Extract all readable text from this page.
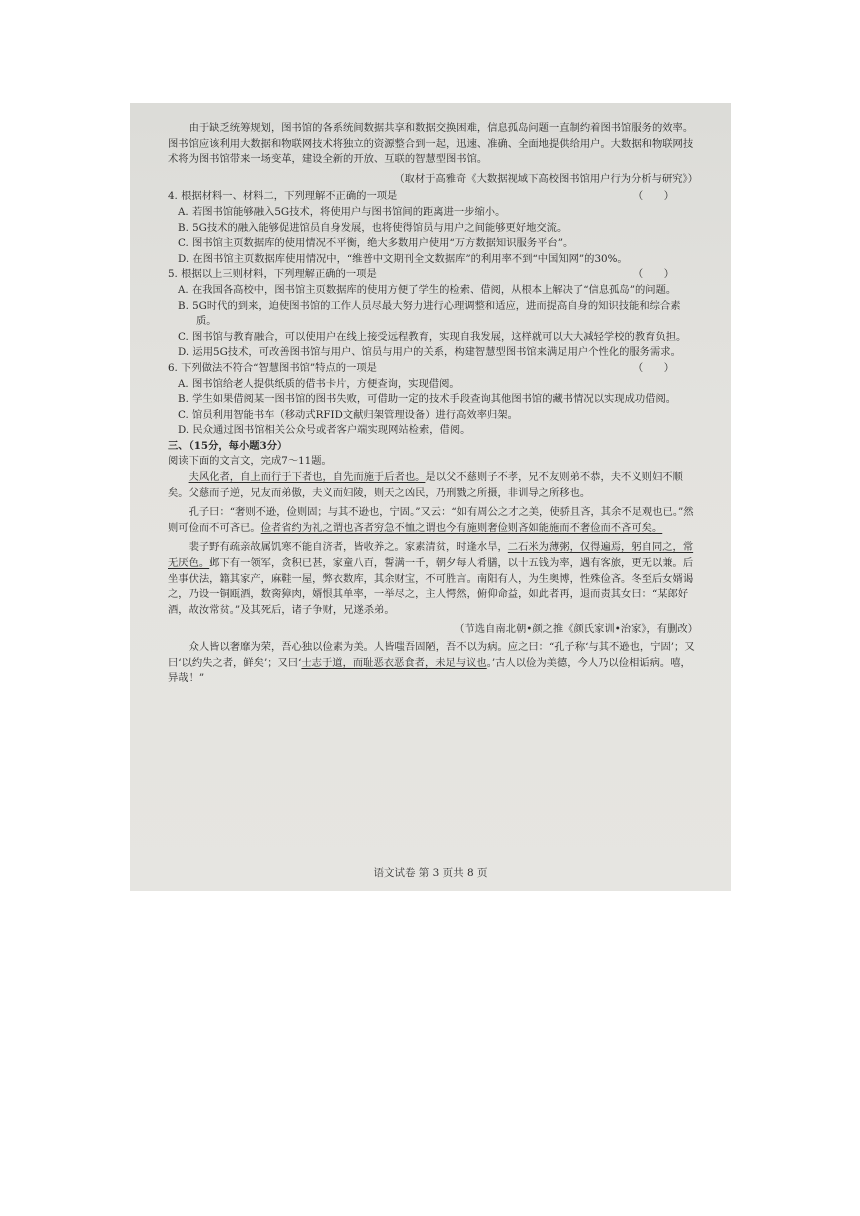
由于缺乏统筹规划，图书馆的各系统间数据共享和数据交换困难，信息孤岛问题一直制约着图书馆服务的效率。图书馆应该利用大数据和物联网技术将独立的资源整合到一起，迅速、准确、全面地提供给用户。大数据和物联网技术将为图书馆带来一场变革，建设全新的开放、互联的智慧型图书馆。

（取材于高雅奇《大数据视域下高校图书馆用户行为分析与研究》）

4. 根据材料一、材料二，下列理解不正确的一项是	（　　）

A. 若图书馆能够融入5G技术，将使用户与图书馆间的距离进一步缩小。

B. 5G技术的融入能够促进馆员自身发展，也将使得馆员与用户之间能够更好地交流。

C. 图书馆主页数据库的使用情况不平衡，绝大多数用户使用“万方数据知识服务平台”。

D. 在图书馆主页数据库使用情况中，“维普中文期刊全文数据库”的利用率不到“中国知网”的30%。

5. 根据以上三则材料，下列理解正确的一项是	（　　）

A. 在我国各高校中，图书馆主页数据库的使用方便了学生的检索、借阅，从根本上解决了“信息孤岛”的问题。

B. 5G时代的到来，迫使图书馆的工作人员尽最大努力进行心理调整和适应，进而提高自身的知识技能和综合素质。

C. 图书馆与教育融合，可以使用户在线上接受远程教育，实现自我发展，这样就可以大大减轻学校的教育负担。

D. 运用5G技术，可改善图书馆与用户、馆员与用户的关系，构建智慧型图书馆来满足用户个性化的服务需求。

6. 下列做法不符合“智慧图书馆”特点的一项是	（　　）

A. 图书馆给老人提供纸质的借书卡片，方便查询，实现借阅。

B. 学生如果借阅某一图书馆的图书失败，可借助一定的技术手段查询其他图书馆的藏书情况以实现成功借阅。

C. 馆员利用智能书车（移动式RFID文献归架管理设备）进行高效率归架。

D. 民众通过图书馆相关公众号或者客户端实现网站检索，借阅。

三、（15分，每小题3分）

阅读下面的文言文，完成7～11题。

夫风化者，自上而行于下者也，自先而施于后者也。是以父不慈则子不孝，兄不友则弟不恭，夫不义则妇不顺矣。父慈而子逆，兄友而弟傲，夫义而妇陵，则天之凶民，乃刑戮之所摄，非训导之所移也。

孔子曰：“奢则不逊，俭则固；与其不逊也，宁固。”又云：“如有周公之才之美，使骄且吝，其余不足观也已。”然则可俭而不可吝已。俭者省约为礼之谓也吝者穷急不恤之谓也今有施则奢俭则吝如能施而不奢俭而不吝可矣。

裴子野有疏亲故属饥寒不能自济者，皆收养之。家素清贫，时逢水旱，二石米为薄粥，仅得遍焉，躬自同之，常无厌色。邺下有一领军，贪积已甚，家童八百，誓满一千，朝夕每人肴膳，以十五钱为率，遇有客旅，更无以兼。后坐事伏法，籍其家产，麻鞋一屋，弊衣数库，其余财宝，不可胜言。南阳有人，为生奥博，性殊俭吝。冬至后女婿谒之，乃设一铜瓯酒，数脔獐肉，婿恨其单率，一举尽之，主人愕然，俯仰命益，如此者再，退而责其女曰：“某郎好酒，故汝常贫。”及其死后，诸子争财，兄遂杀弟。

（节选自南北朝•颜之推《颜氏家训•治家》，有删改）

众人皆以奢靡为荣，吾心独以俭素为美。人皆嗤吾固陋，吾不以为病。应之曰：“孔子称‘与其不逊也，宁固’；又曰‘以约失之者，鲜矣’；又曰‘士志于道，而耻恶衣恶食者，未足与议也。’古人以俭为美德，今人乃以俭相诟病。嘻，异哉！”

语文试卷 第 3 页共 8 页
